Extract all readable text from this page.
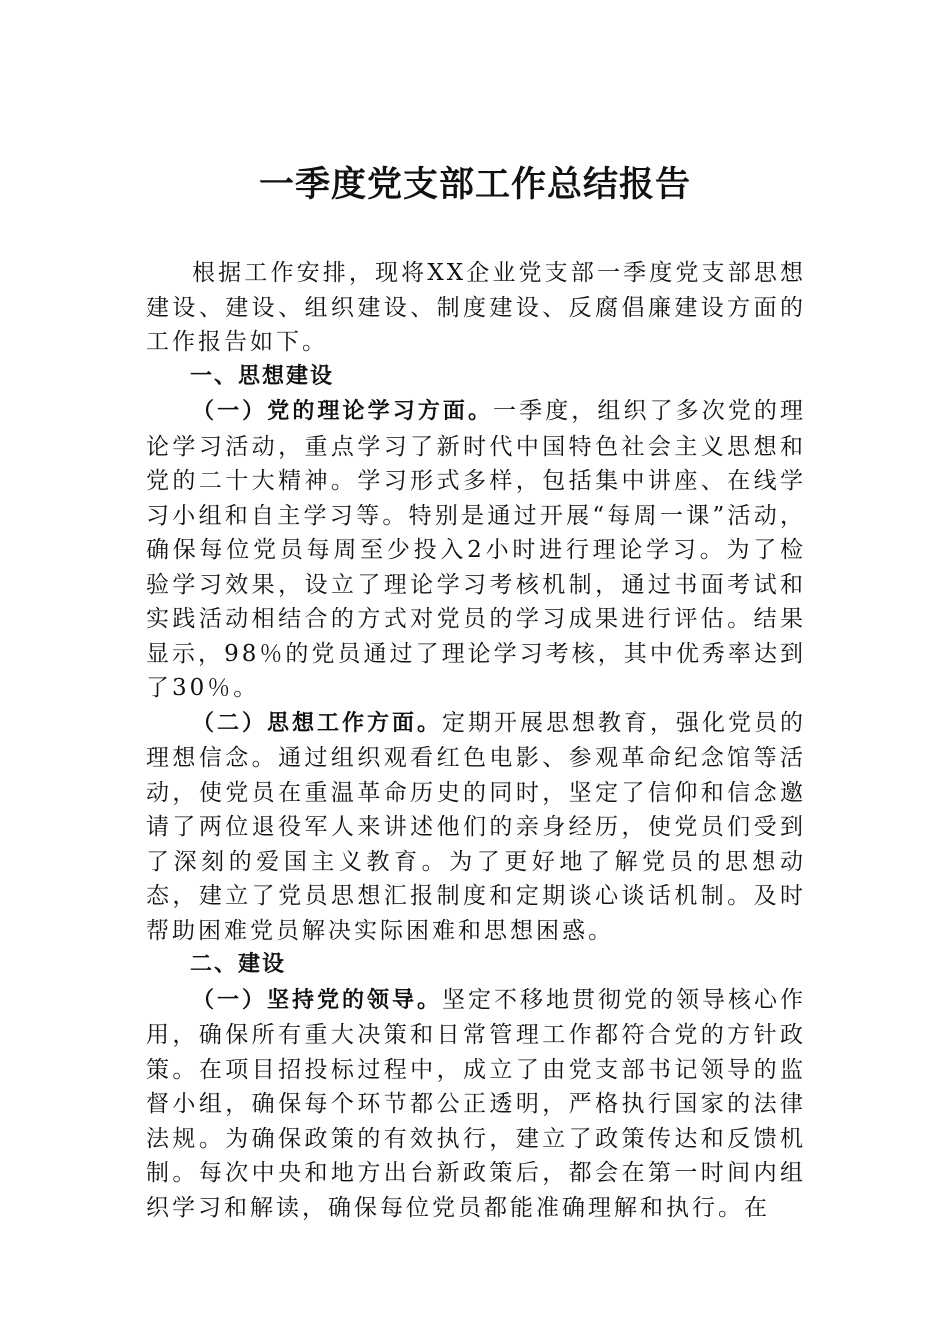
一季度党支部工作总结报告

根据工作安排，现将XX企业党支部一季度党支部思想建设、建设、组织建设、制度建设、反腐倡廉建设方面的工作报告如下。

一、思想建设

（一）党的理论学习方面。一季度，组织了多次党的理论学习活动，重点学习了新时代中国特色社会主义思想和党的二十大精神。学习形式多样，包括集中讲座、在线学习小组和自主学习等。特别是通过开展“每周一课”活动，确保每位党员每周至少投入2小时进行理论学习。为了检验学习效果，设立了理论学习考核机制，通过书面考试和实践活动相结合的方式对党员的学习成果进行评估。结果显示，98％的党员通过了理论学习考核，其中优秀率达到了30％。

（二）思想工作方面。定期开展思想教育，强化党员的理想信念。通过组织观看红色电影、参观革命纪念馆等活动，使党员在重温革命历史的同时，坚定了信仰和信念邀请了两位退役军人来讲述他们的亲身经历，使党员们受到了深刻的爱国主义教育。为了更好地了解党员的思想动态，建立了党员思想汇报制度和定期谈心谈话机制。及时帮助困难党员解决实际困难和思想困惑。

二、建设

（一）坚持党的领导。坚定不移地贯彻党的领导核心作用，确保所有重大决策和日常管理工作都符合党的方针政策。在项目招投标过程中，成立了由党支部书记领导的监督小组，确保每个环节都公正透明，严格执行国家的法律法规。为确保政策的有效执行，建立了政策传达和反馈机制。每次中央和地方出台新政策后，都会在第一时间内组织学习和解读，确保每位党员都能准确理解和执行。在
